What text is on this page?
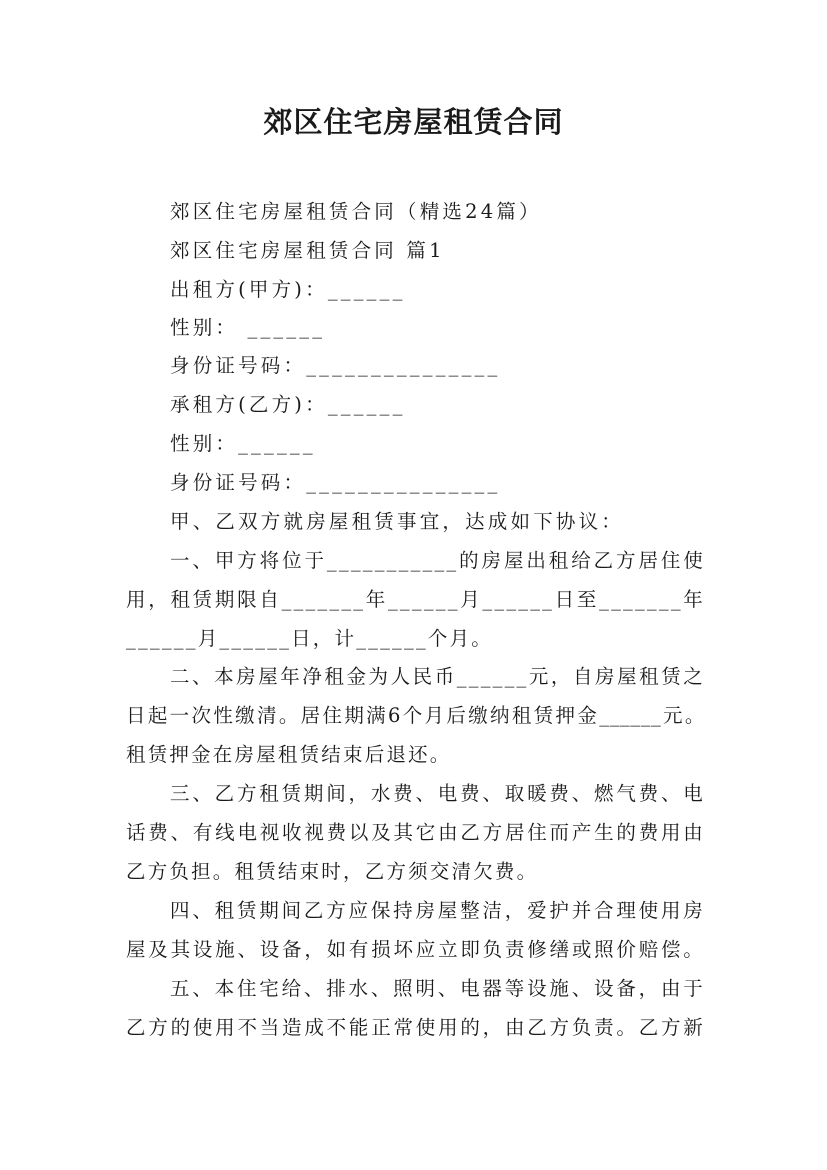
郊区住宅房屋租赁合同
郊区住宅房屋租赁合同（精选24篇）
郊区住宅房屋租赁合同 篇1
出租方(甲方)：______
性别： ______
身份证号码：_______________
承租方(乙方)：______
性别：______
身份证号码：_______________
甲、乙双方就房屋租赁事宜，达成如下协议：
一、甲方将位于___________的房屋出租给乙方居住使
用，租赁期限自_______年______月______日至_______年
______月______日，计______个月。
二、本房屋年净租金为人民币______元，自房屋租赁之
日起一次性缴清。居住期满6个月后缴纳租赁押金______元。
租赁押金在房屋租赁结束后退还。
三、乙方租赁期间，水费、电费、取暖费、燃气费、电
话费、有线电视收视费以及其它由乙方居住而产生的费用由
乙方负担。租赁结束时，乙方须交清欠费。
四、租赁期间乙方应保持房屋整洁，爱护并合理使用房
屋及其设施、设备，如有损坏应立即负责修缮或照价赔偿。
五、本住宅给、排水、照明、电器等设施、设备，由于
乙方的使用不当造成不能正常使用的，由乙方负责。乙方新
